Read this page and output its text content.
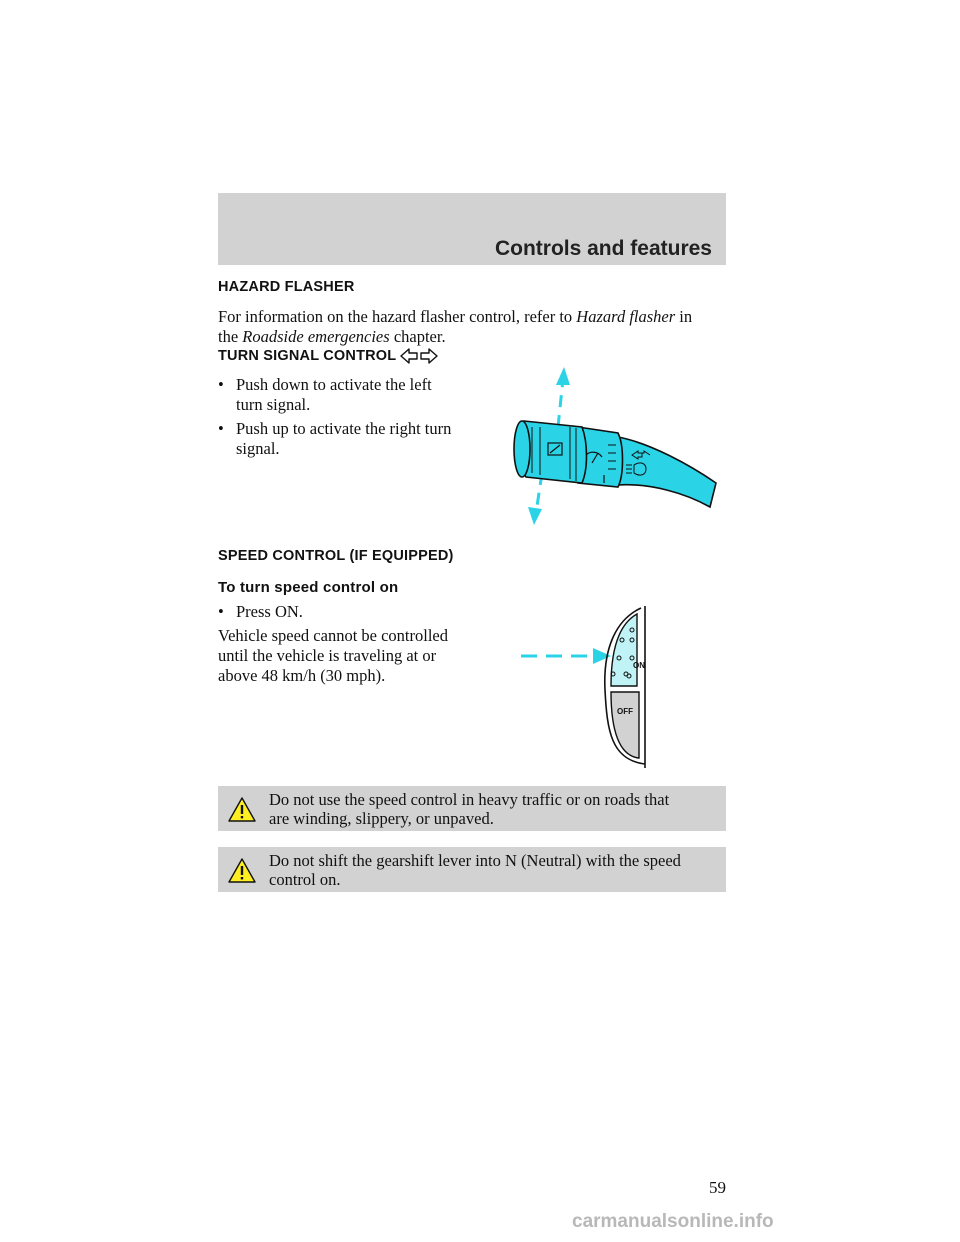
Controls and features
HAZARD FLASHER
For information on the hazard flasher control, refer to Hazard flasher in
the Roadside emergencies chapter.
TURN SIGNAL CONTROL
• Push down to activate the left
turn signal.
• Push up to activate the right turn
signal.
SPEED CONTROL (IF EQUIPPED)
To turn speed control on
• Press ON.
Vehicle speed cannot be controlled
until the vehicle is traveling at or
above 48 km/h (30 mph).
ON
OFF
Do not use the speed control in heavy traffic or on roads that
are winding, slippery, or unpaved.
Do not shift the gearshift lever into N (Neutral) with the speed
control on.
59
carmanualsonline.info
